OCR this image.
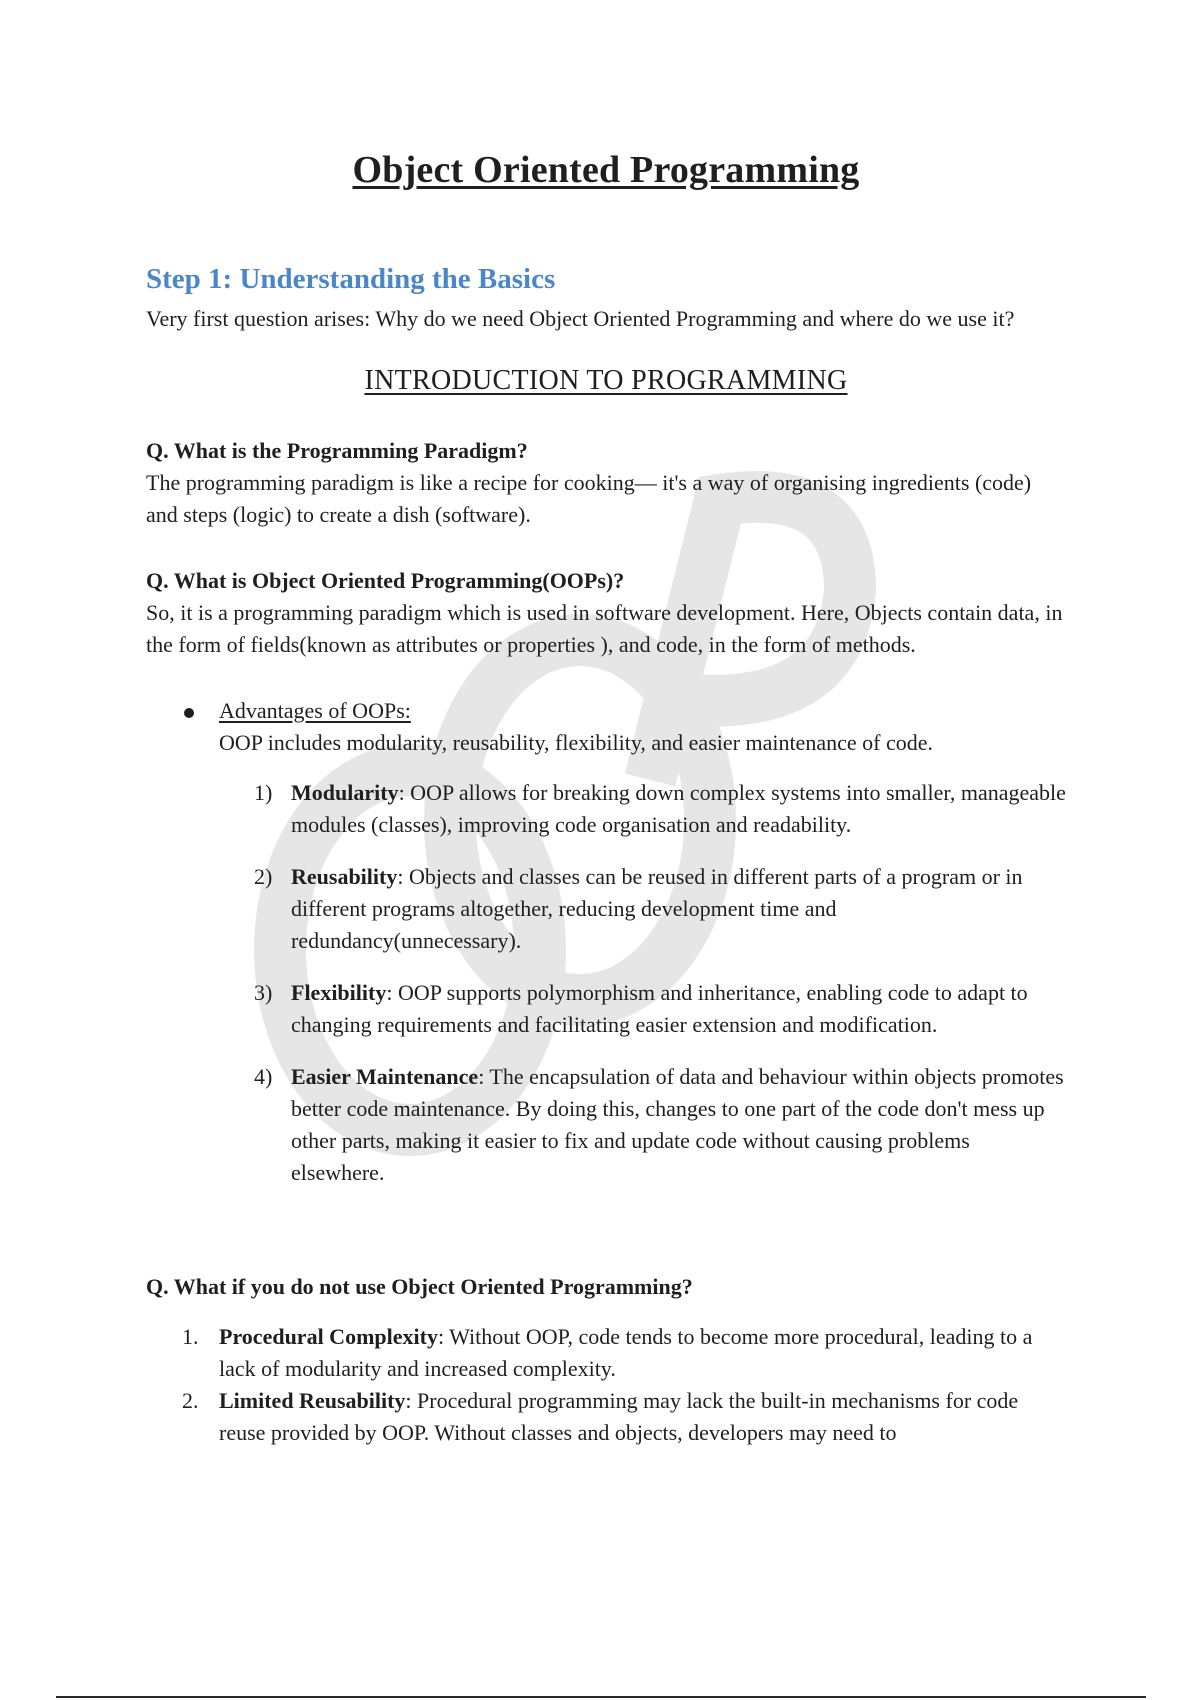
Object Oriented Programming
Step 1: Understanding the Basics

Very first question arises: Why do we need Object Oriented Programming and where do we use it?

INTRODUCTION TO PROGRAMMING
Q. What is the Programming Paradigm?

The programming paradigm is like a recipe for cooking— it's a way of organising ingredients (code) and steps (logic) to create a dish (software).

Q. What is Object Oriented Programming(OOPs)?

So, it is a programming paradigm which is used in software development. Here, Objects contain data, in the form of fields(known as attributes or properties ), and code, in the form of methods.

Advantages of OOPs:

OOP includes modularity, reusability, flexibility, and easier maintenance of code.

1) Modularity: OOP allows for breaking down complex systems into smaller, manageable modules (classes), improving code organisation and readability.
2) Reusability: Objects and classes can be reused in different parts of a program or in different programs altogether, reducing development time and redundancy(unnecessary).
3) Flexibility: OOP supports polymorphism and inheritance, enabling code to adapt to changing requirements and facilitating easier extension and modification.
4) Easier Maintenance: The encapsulation of data and behaviour within objects promotes better code maintenance. By doing this, changes to one part of the code don't mess up other parts, making it easier to fix and update code without causing problems elsewhere.
Q. What if you do not use Object Oriented Programming?
1. Procedural Complexity: Without OOP, code tends to become more procedural, leading to a lack of modularity and increased complexity.
2. Limited Reusability: Procedural programming may lack the built-in mechanisms for code reuse provided by OOP. Without classes and objects, developers may need to
